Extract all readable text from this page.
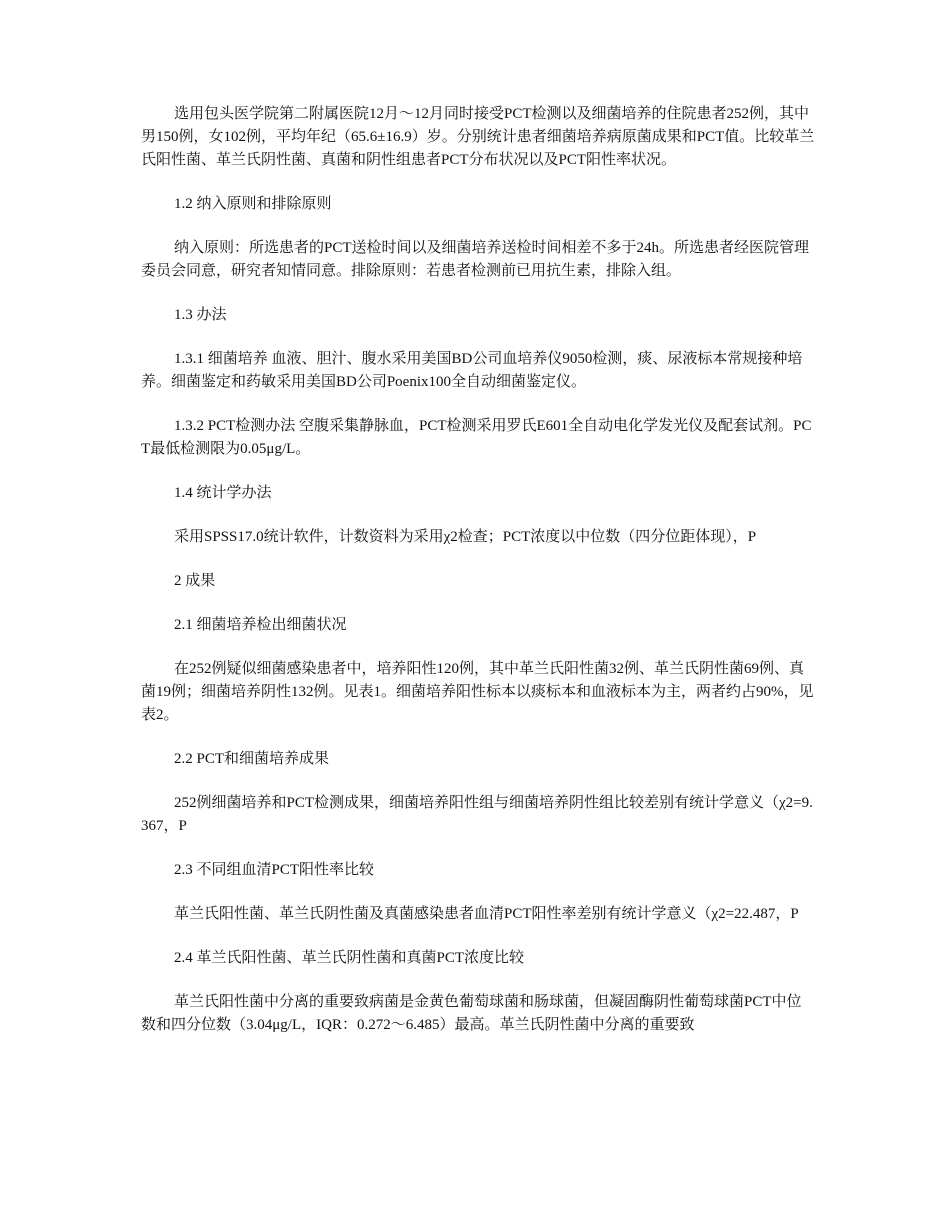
选用包头医学院第二附属医院12月～12月同时接受PCT检测以及细菌培养的住院患者252例，其中男150例，女102例，平均年纪（65.6±16.9）岁。分别统计患者细菌培养病原菌成果和PCT值。比较革兰氏阳性菌、革兰氏阴性菌、真菌和阴性组患者PCT分布状况以及PCT阳性率状况。

1.2 纳入原则和排除原则

纳入原则：所选患者的PCT送检时间以及细菌培养送检时间相差不多于24h。所选患者经医院管理委员会同意，研究者知情同意。排除原则：若患者检测前已用抗生素，排除入组。

1.3 办法

1.3.1 细菌培养 血液、胆汁、腹水采用美国BD公司血培养仪9050检测，痰、尿液标本常规接种培养。细菌鉴定和药敏采用美国BD公司Poenix100全自动细菌鉴定仪。

1.3.2 PCT检测办法 空腹采集静脉血，PCT检测采用罗氏E601全自动电化学发光仪及配套试剂。PCT最低检测限为0.05μg/L。

1.4 统计学办法

采用SPSS17.0统计软件，计数资料为采用χ2检查；PCT浓度以中位数（四分位距体现），P

2 成果

2.1 细菌培养检出细菌状况

在252例疑似细菌感染患者中，培养阳性120例，其中革兰氏阳性菌32例、革兰氏阴性菌69例、真菌19例；细菌培养阴性132例。见表1。细菌培养阳性标本以痰标本和血液标本为主，两者约占90%，见表2。

2.2 PCT和细菌培养成果

252例细菌培养和PCT检测成果，细菌培养阳性组与细菌培养阴性组比较差别有统计学意义（χ2=9.367，P

2.3 不同组血清PCT阳性率比较

革兰氏阳性菌、革兰氏阴性菌及真菌感染患者血清PCT阳性率差别有统计学意义（χ2=22.487，P

2.4 革兰氏阳性菌、革兰氏阴性菌和真菌PCT浓度比较

革兰氏阳性菌中分离的重要致病菌是金黄色葡萄球菌和肠球菌，但凝固酶阴性葡萄球菌PCT中位数和四分位数（3.04μg/L，IQR：0.272～6.485）最高。革兰氏阴性菌中分离的重要致
